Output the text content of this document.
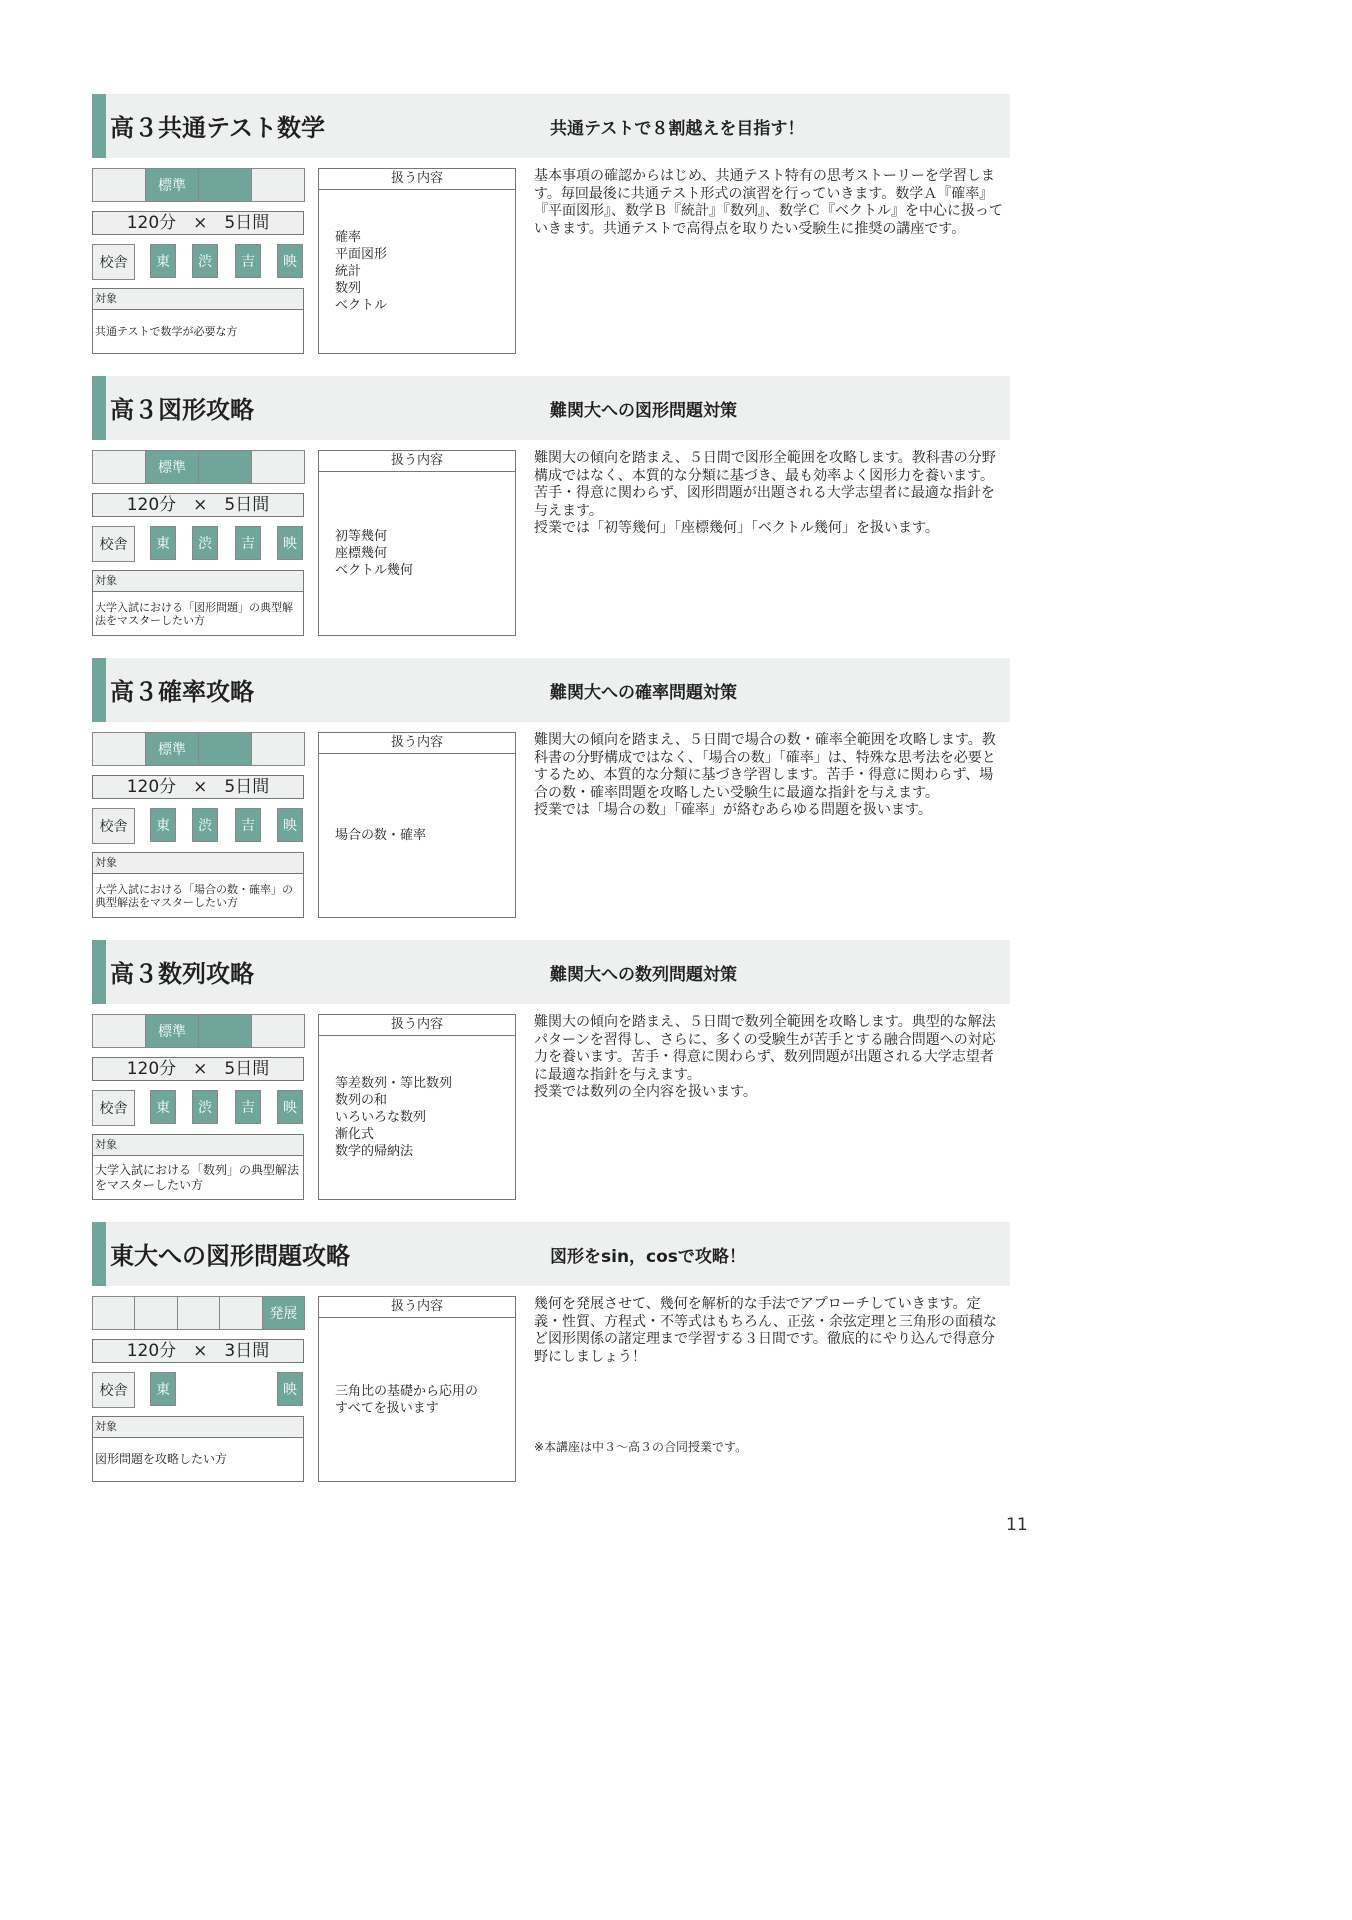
高３共通テスト数学	共通テストで８割越えを目指す！
標準
120分　×　5日間
校舎	東	渋	吉	映
対象
共通テストで数学が必要な方
扱う内容
確率
平面図形
統計
数列
ベクトル
基本事項の確認からはじめ、共通テスト特有の思考ストーリーを学習します。毎回最後に共通テスト形式の演習を行っていきます。数学Ａ『確率』『平面図形』、数学Ｂ『統計』『数列』、数学Ｃ『ベクトル』を中心に扱っていきます。共通テストで高得点を取りたい受験生に推奨の講座です。
高３図形攻略	難関大への図形問題対策
標準
120分　×　5日間
校舎	東	渋	吉	映
対象
大学入試における「図形問題」の典型解法をマスターしたい方
扱う内容
初等幾何
座標幾何
ベクトル幾何
難関大の傾向を踏まえ、５日間で図形全範囲を攻略します。教科書の分野構成ではなく、本質的な分類に基づき、最も効率よく図形力を養います。苦手・得意に関わらず、図形問題が出題される大学志望者に最適な指針を与えます。
授業では「初等幾何」「座標幾何」「ベクトル幾何」を扱います。
高３確率攻略	難関大への確率問題対策
標準
120分　×　5日間
校舎	東	渋	吉	映
対象
大学入試における「場合の数・確率」の典型解法をマスターしたい方
扱う内容
場合の数・確率
難関大の傾向を踏まえ、５日間で場合の数・確率全範囲を攻略します。教科書の分野構成ではなく、「場合の数」「確率」は、特殊な思考法を必要とするため、本質的な分類に基づき学習します。苦手・得意に関わらず、場合の数・確率問題を攻略したい受験生に最適な指針を与えます。
授業では「場合の数」「確率」が絡むあらゆる問題を扱います。
高３数列攻略	難関大への数列問題対策
標準
120分　×　5日間
校舎	東	渋	吉	映
対象
大学入試における「数列」の典型解法をマスターしたい方
扱う内容
等差数列・等比数列
数列の和
いろいろな数列
漸化式
数学的帰納法
難関大の傾向を踏まえ、５日間で数列全範囲を攻略します。典型的な解法パターンを習得し、さらに、多くの受験生が苦手とする融合問題への対応力を養います。苦手・得意に関わらず、数列問題が出題される大学志望者に最適な指針を与えます。
授業では数列の全内容を扱います。
東大への図形問題攻略	図形をsin，cosで攻略！
発展
120分　×　3日間
校舎	東	映
対象
図形問題を攻略したい方
扱う内容
三角比の基礎から応用の
すべてを扱います
幾何を発展させて、幾何を解析的な手法でアプローチしていきます。定義・性質、方程式・不等式はもちろん、正弦・余弦定理と三角形の面積など図形関係の諸定理まで学習する３日間です。徹底的にやり込んで得意分野にしましょう！
※本講座は中３～高３の合同授業です。
11
